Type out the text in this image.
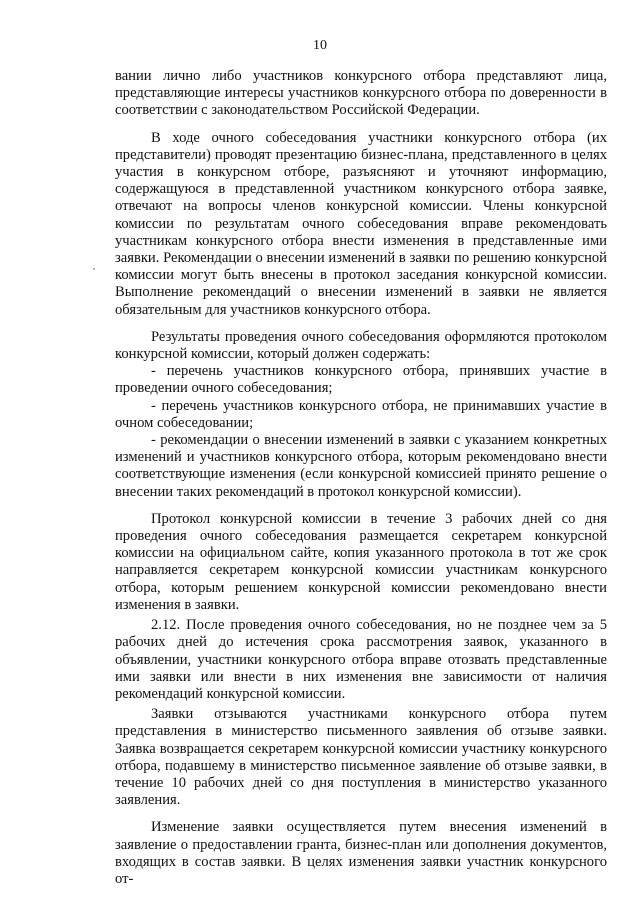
10

вании лично либо участников конкурсного отбора представляют лица, представляющие интересы участников конкурсного отбора по доверенности в соответствии с законодательством Российской Федерации.

В ходе очного собеседования участники конкурсного отбора (их представители) проводят презентацию бизнес-плана, представленного в целях участия в конкурсном отборе, разъясняют и уточняют информацию, содержащуюся в представленной участником конкурсного отбора заявке, отвечают на вопросы членов конкурсной комиссии. Члены конкурсной комиссии по результатам очного собеседования вправе рекомендовать участникам конкурсного отбора внести изменения в представленные ими заявки. Рекомендации о внесении изменений в заявки по решению конкурсной комиссии могут быть внесены в протокол заседания конкурсной комиссии. Выполнение рекомендаций о внесении изменений в заявки не является обязательным для участников конкурсного отбора.

Результаты проведения очного собеседования оформляются протоколом конкурсной комиссии, который должен содержать:

- перечень участников конкурсного отбора, принявших участие в проведении очного собеседования;

- перечень участников конкурсного отбора, не принимавших участие в очном собеседовании;

- рекомендации о внесении изменений в заявки с указанием конкретных изменений и участников конкурсного отбора, которым рекомендовано внести соответствующие изменения (если конкурсной комиссией принято решение о внесении таких рекомендаций в протокол конкурсной комиссии).

Протокол конкурсной комиссии в течение 3 рабочих дней со дня проведения очного собеседования размещается секретарем конкурсной комиссии на официальном сайте, копия указанного протокола в тот же срок направляется секретарем конкурсной комиссии участникам конкурсного отбора, которым решением конкурсной комиссии рекомендовано внести изменения в заявки.

2.12. После проведения очного собеседования, но не позднее чем за 5 рабочих дней до истечения срока рассмотрения заявок, указанного в объявлении, участники конкурсного отбора вправе отозвать представленные ими заявки или внести в них изменения вне зависимости от наличия рекомендаций конкурсной комиссии.

Заявки отзываются участниками конкурсного отбора путем представления в министерство письменного заявления об отзыве заявки. Заявка возвращается секретарем конкурсной комиссии участнику конкурсного отбора, подавшему в министерство письменное заявление об отзыве заявки, в течение 10 рабочих дней со дня поступления в министерство указанного заявления.

Изменение заявки осуществляется путем внесения изменений в заявление о предоставлении гранта, бизнес-план или дополнения документов, входящих в состав заявки. В целях изменения заявки участник конкурсного от-
